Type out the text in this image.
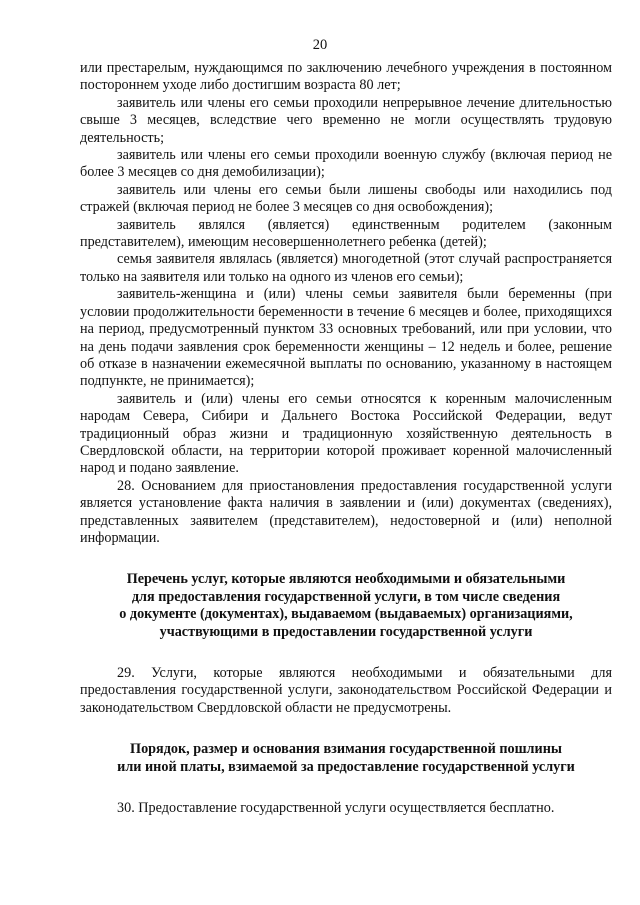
20

или престарелым, нуждающимся по заключению лечебного учреждения в постоянном постороннем уходе либо достигшим возраста 80 лет;

заявитель или члены его семьи проходили непрерывное лечение длительностью свыше 3 месяцев, вследствие чего временно не могли осуществлять трудовую деятельность;

заявитель или члены его семьи проходили военную службу (включая период не более 3 месяцев со дня демобилизации);

заявитель или члены его семьи были лишены свободы или находились под стражей (включая период не более 3 месяцев со дня освобождения);

заявитель являлся (является) единственным родителем (законным представителем), имеющим несовершеннолетнего ребенка (детей);

семья заявителя являлась (является) многодетной (этот случай распространяется только на заявителя или только на одного из членов его семьи);

заявитель-женщина и (или) члены семьи заявителя были беременны (при условии продолжительности беременности в течение 6 месяцев и более, приходящихся на период, предусмотренный пунктом 33 основных требований, или при условии, что на день подачи заявления срок беременности женщины – 12 недель и более, решение об отказе в назначении ежемесячной выплаты по основанию, указанному в настоящем подпункте, не принимается);

заявитель и (или) члены его семьи относятся к коренным малочисленным народам Севера, Сибири и Дальнего Востока Российской Федерации, ведут традиционный образ жизни и традиционную хозяйственную деятельность в Свердловской области, на территории которой проживает коренной малочисленный народ и подано заявление.

28. Основанием для приостановления предоставления государственной услуги является установление факта наличия в заявлении и (или) документах (сведениях), представленных заявителем (представителем), недостоверной и (или) неполной информации.

Перечень услуг, которые являются необходимыми и обязательными

для предоставления государственной услуги, в том числе сведения

о документе (документах), выдаваемом (выдаваемых) организациями,

участвующими в предоставлении государственной услуги

29. Услуги, которые являются необходимыми и обязательными для предоставления государственной услуги, законодательством Российской Федерации и законодательством Свердловской области не предусмотрены.

Порядок, размер и основания взимания государственной пошлины

или иной платы, взимаемой за предоставление государственной услуги

30. Предоставление государственной услуги осуществляется бесплатно.
